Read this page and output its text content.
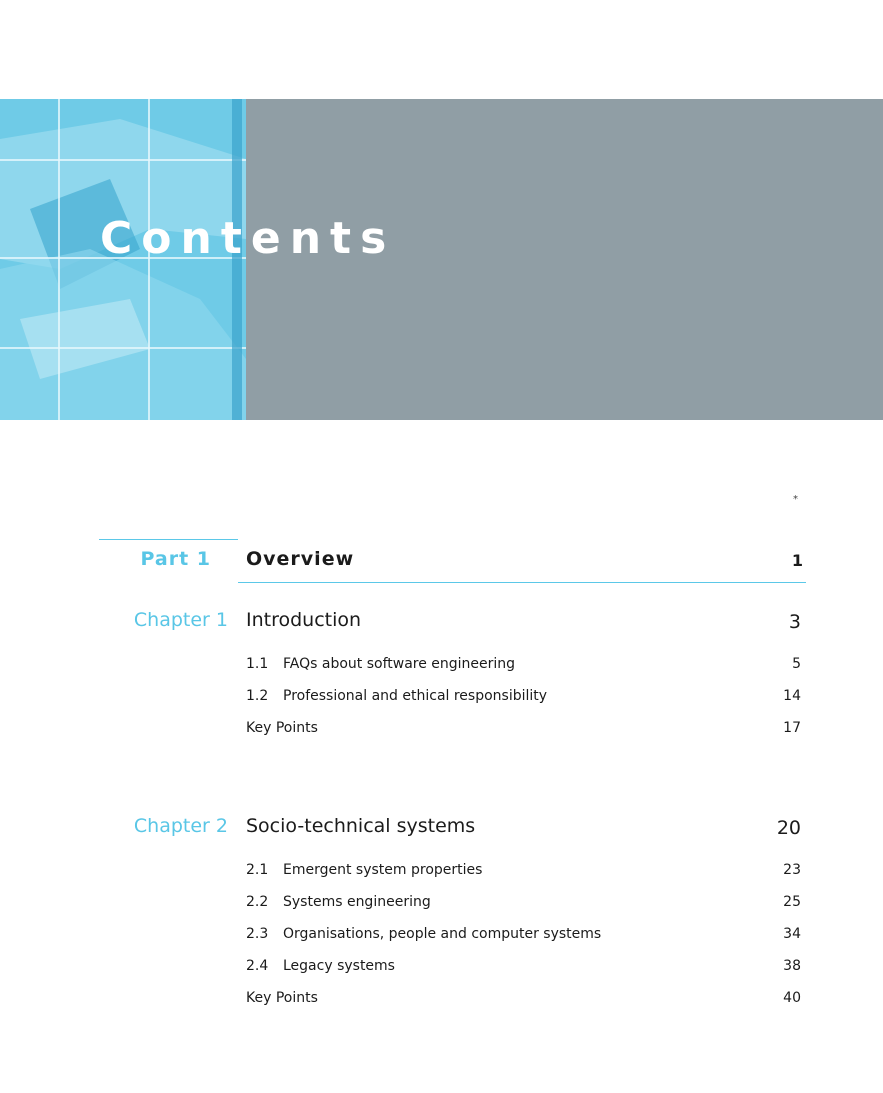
Contents
*
Part 1 Overview	1
Chapter 1 Introduction	3
1.1 FAQs about software engineering	5
1.2 Professional and ethical responsibility	14
Key Points	17
Chapter 2 Socio-technical systems	20
2.1 Emergent system properties	23
2.2 Systems engineering	25
2.3 Organisations, people and computer systems	34
2.4 Legacy systems	38
Key Points	40
